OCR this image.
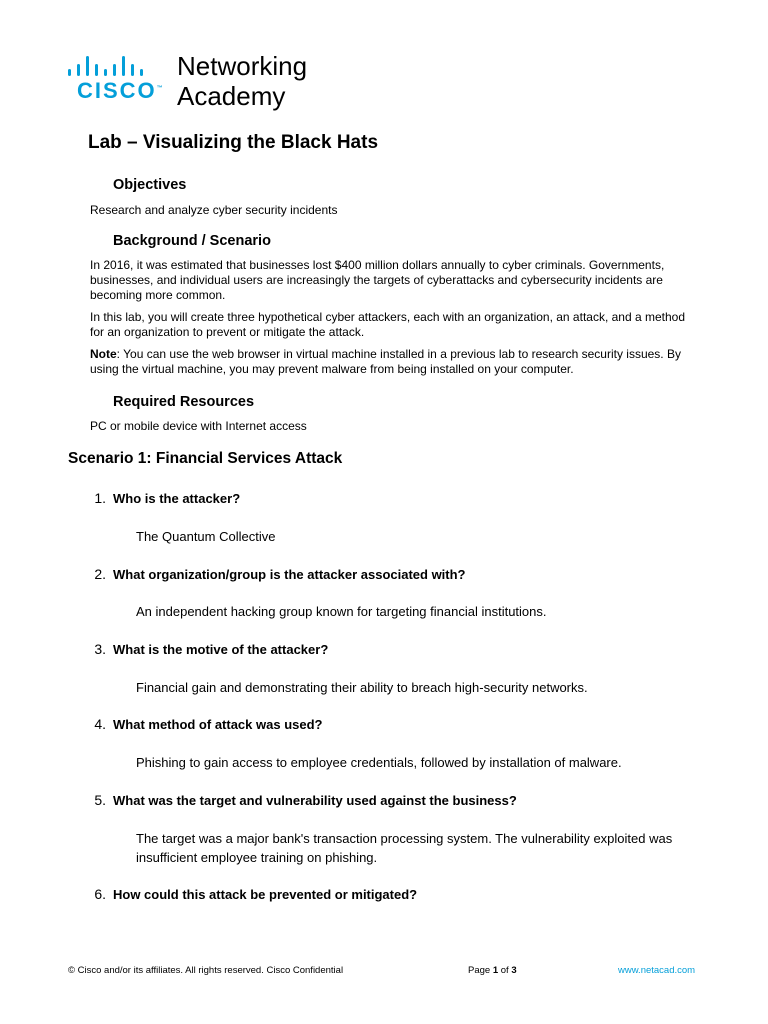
CISCO™
Networking
Academy
Lab – Visualizing the Black Hats
Objectives
Research and analyze cyber security incidents
Background / Scenario

In 2016, it was estimated that businesses lost $400 million dollars annually to cyber criminals. Governments, businesses, and individual users are increasingly the targets of cyberattacks and cybersecurity incidents are becoming more common.

In this lab, you will create three hypothetical cyber attackers, each with an organization, an attack, and a method for an organization to prevent or mitigate the attack.

Note: You can use the web browser in virtual machine installed in a previous lab to research security issues. By using the virtual machine, you may prevent malware from being installed on your computer.

Required Resources
PC or mobile device with Internet access
Scenario 1: Financial Services Attack
1. Who is the attacker?
The Quantum Collective
2. What organization/group is the attacker associated with?
An independent hacking group known for targeting financial institutions.
3. What is the motive of the attacker?
Financial gain and demonstrating their ability to breach high-security networks.
4. What method of attack was used?
Phishing to gain access to employee credentials, followed by installation of malware.
5. What was the target and vulnerability used against the business?
The target was a major bank's transaction processing system. The vulnerability exploited was insufficient employee training on phishing.
6. How could this attack be prevented or mitigated?
© Cisco and/or its affiliates. All rights reserved. Cisco Confidential	Page 1 of 3	www.netacad.com
